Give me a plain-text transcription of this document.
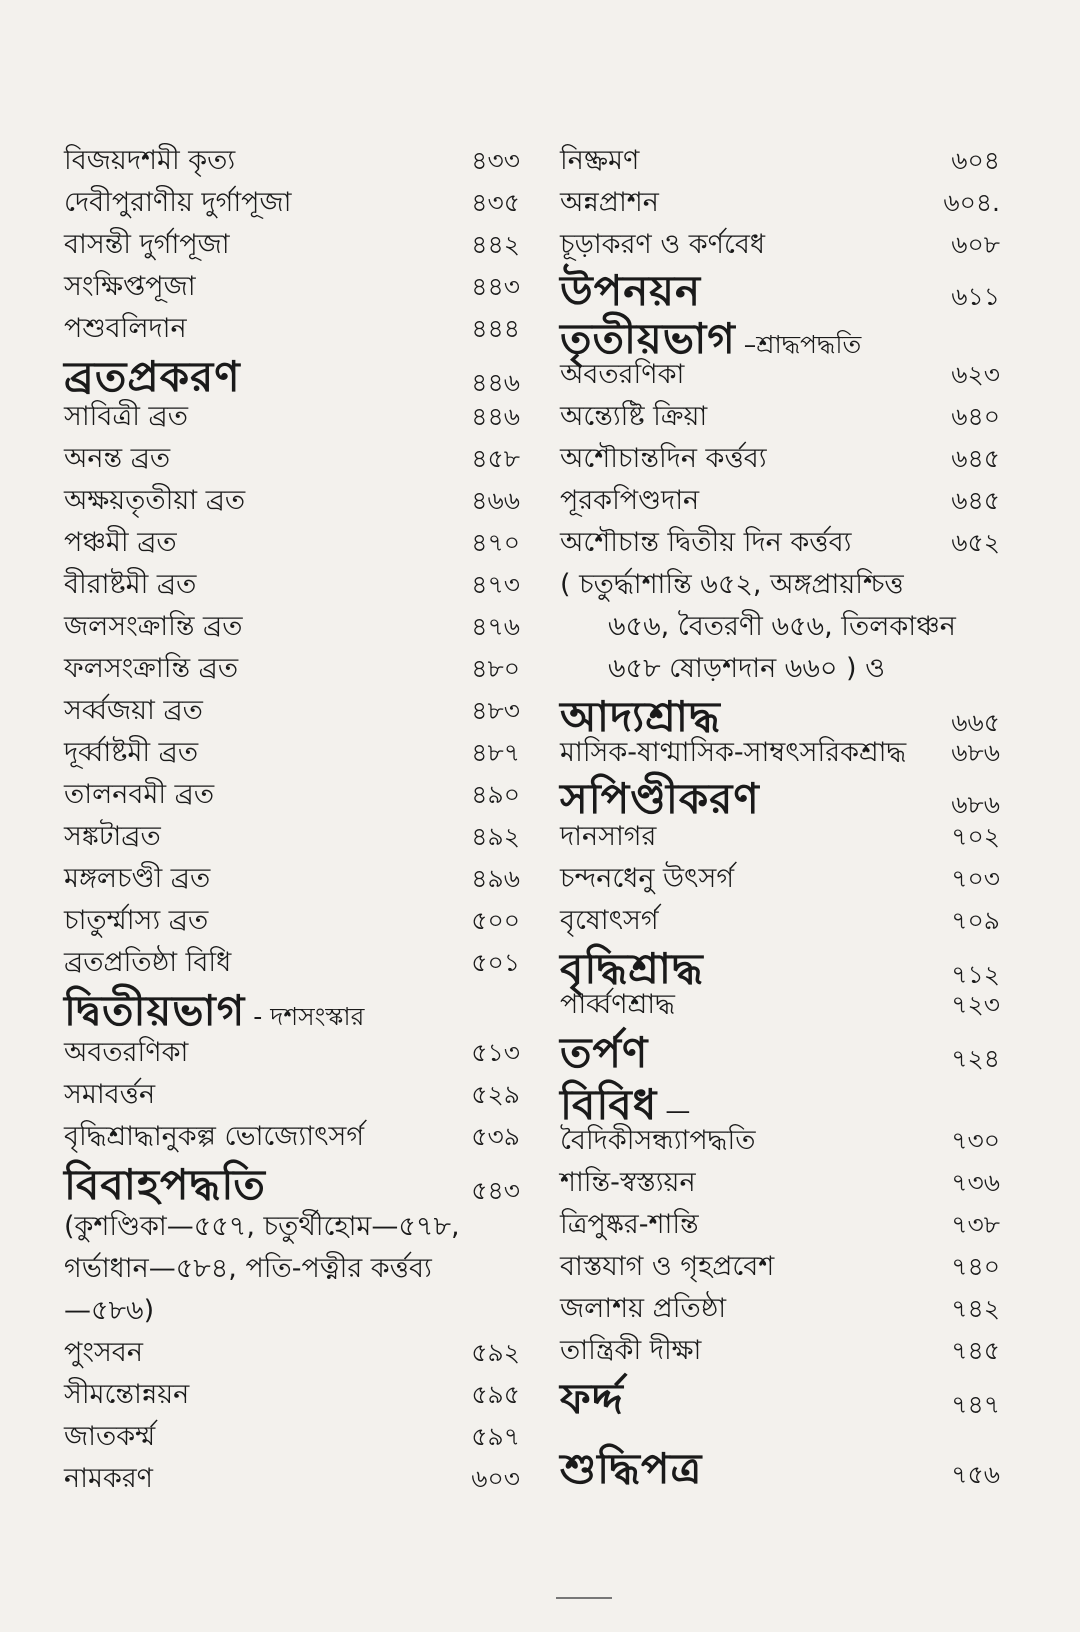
বিজয়দশমী কৃত্য	৪৩৩
দেবীপুরাণীয় দুর্গাপূজা	৪৩৫
বাসন্তী দুর্গাপূজা	৪৪২
সংক্ষিপ্তপূজা	৪৪৩
পশুবলিদান	৪৪৪
ব্রতপ্রকরণ	৪৪৬
সাবিত্রী ব্রত	৪৪৬
অনন্ত ব্রত	৪৫৮
অক্ষয়তৃতীয়া ব্রত	৪৬৬
পঞ্চমী ব্রত	৪৭০
বীরাষ্টমী ব্রত	৪৭৩
জলসংক্রান্তি ব্রত	৪৭৬
ফলসংক্রান্তি ব্রত	৪৮০
সর্ব্বজয়া ব্রত	৪৮৩
দূর্ব্বাষ্টমী ব্রত	৪৮৭
তালনবমী ব্রত	৪৯০
সঙ্কটাব্রত	৪৯২
মঙ্গলচণ্ডী ব্রত	৪৯৬
চাতুর্ম্মাস্য ব্রত	৫০০
ব্রতপ্রতিষ্ঠা বিধি	৫০১
দ্বিতীয়ভাগ - দশসংস্কার
অবতরণিকা	৫১৩
সমাবর্ত্তন	৫২৯
বৃদ্ধিশ্রাদ্ধানুকল্প ভোজ্যোৎসর্গ	৫৩৯
বিবাহপদ্ধতি	৫৪৩
(কুশণ্ডিকা—৫৫৭, চতুর্থীহোম—৫৭৮,
গর্ভাধান—৫৮৪, পতি-পত্নীর কর্ত্তব্য
—৫৮৬)
পুংসবন	৫৯২
সীমন্তোন্নয়ন	৫৯৫
জাতকর্ম্ম	৫৯৭
নামকরণ	৬০৩
নিষ্ক্রমণ	৬০৪
অন্নপ্রাশন	৬০৪.
চূড়াকরণ ও কর্ণবেধ	৬০৮
উপনয়ন	৬১১
তৃতীয়ভাগ –শ্রাদ্ধপদ্ধতি
অবতরণিকা	৬২৩
অন্ত্যেষ্টি ক্রিয়া	৬৪০
অশৌচান্তদিন কর্ত্তব্য	৬৪৫
পূরকপিণ্ডদান	৬৪৫
অশৌচান্ত দ্বিতীয় দিন কর্ত্তব্য	৬৫২
( চতুর্দ্ধাশান্তি ৬৫২, অঙ্গপ্রায়শ্চিত্ত
৬৫৬, বৈতরণী ৬৫৬, তিলকাঞ্চন
৬৫৮ ষোড়শদান ৬৬০ ) ও
আদ্যশ্রাদ্ধ	৬৬৫
মাসিক-ষাণ্মাসিক-সাম্বৎসরিকশ্রাদ্ধ ৬৮৬
সপিণ্ডীকরণ	৬৮৬
দানসাগর	৭০২
চন্দনধেনু উৎসর্গ	৭০৩
বৃষোৎসর্গ	৭০৯
বৃদ্ধিশ্রাদ্ধ	৭১২
পার্ব্বণশ্রাদ্ধ	৭২৩
তর্পণ	৭২৪
বিবিধ —
বৈদিকীসন্ধ্যাপদ্ধতি	৭৩০
শান্তি-স্বস্ত্যয়ন	৭৩৬
ত্রিপুষ্কর-শান্তি	৭৩৮
বাস্তযাগ ও গৃহপ্রবেশ	৭৪০
জলাশয় প্রতিষ্ঠা	৭৪২
তান্ত্রিকী দীক্ষা	৭৪৫
ফর্দ্দ	৭৪৭
শুদ্ধিপত্র	৭৫৬
